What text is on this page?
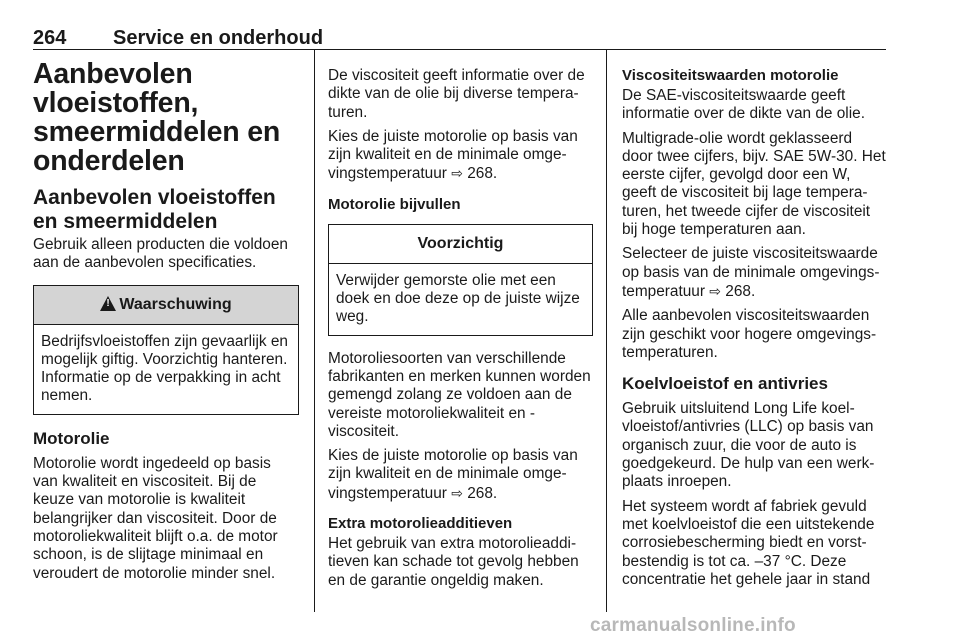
264 Service en onderhoud
Aanbevolen vloeistoffen, smeermiddelen en onderdelen
Aanbevolen vloeistoffen en smeermiddelen

Gebruik alleen producten die voldoen aan de aanbevolen specificaties.

!Waarschuwing
Bedrijfsvloeistoffen zijn gevaarlijk en mogelijk giftig. Voorzichtig hanteren. Informatie op de verpakking in acht nemen.
Motorolie

Motorolie wordt ingedeeld op basis van kwaliteit en viscositeit. Bij de keuze van motorolie is kwaliteit belangrijker dan viscositeit. Door de motoroliekwaliteit blijft o.a. de motor schoon, is de slijtage minimaal en veroudert de motorolie minder snel.

De viscositeit geeft informatie over de dikte van de olie bij diverse temperaturen.

Kies de juiste motorolie op basis van zijn kwaliteit en de minimale omgevingstemperatuur ⇨ 268.

Motorolie bijvullen
Voorzichtig
Verwijder gemorste olie met een doek en doe deze op de juiste wijze weg.

Motoroliesoorten van verschillende fabrikanten en merken kunnen worden gemengd zolang ze voldoen aan de vereiste motoroliekwaliteit en -viscositeit.

Kies de juiste motorolie op basis van zijn kwaliteit en de minimale omgevingstemperatuur ⇨ 268.

Extra motorolieadditieven

Het gebruik van extra motorolieadditieven kan schade tot gevolg hebben en de garantie ongeldig maken.

Viscositeitswaarden motorolie

De SAE-viscositeitswaarde geeft informatie over de dikte van de olie.

Multigrade-olie wordt geklasseerd door twee cijfers, bijv. SAE 5W-30. Het eerste cijfer, gevolgd door een W, geeft de viscositeit bij lage temperaturen, het tweede cijfer de viscositeit bij hoge temperaturen aan.

Selecteer de juiste viscositeitswaarde op basis van de minimale omgevingstemperatuur ⇨ 268.

Alle aanbevolen viscositeitswaarden zijn geschikt voor hogere omgevingstemperaturen.

Koelvloeistof en antivries

Gebruik uitsluitend Long Life koelvloeistof/antivries (LLC) op basis van organisch zuur, die voor de auto is goedgekeurd. De hulp van een werkplaats inroepen.

Het systeem wordt af fabriek gevuld met koelvloeistof die een uitstekende corrosiebescherming biedt en vorstbestendig is tot ca. –37 °C. Deze concentratie het gehele jaar in stand

carmanualsonline.info
